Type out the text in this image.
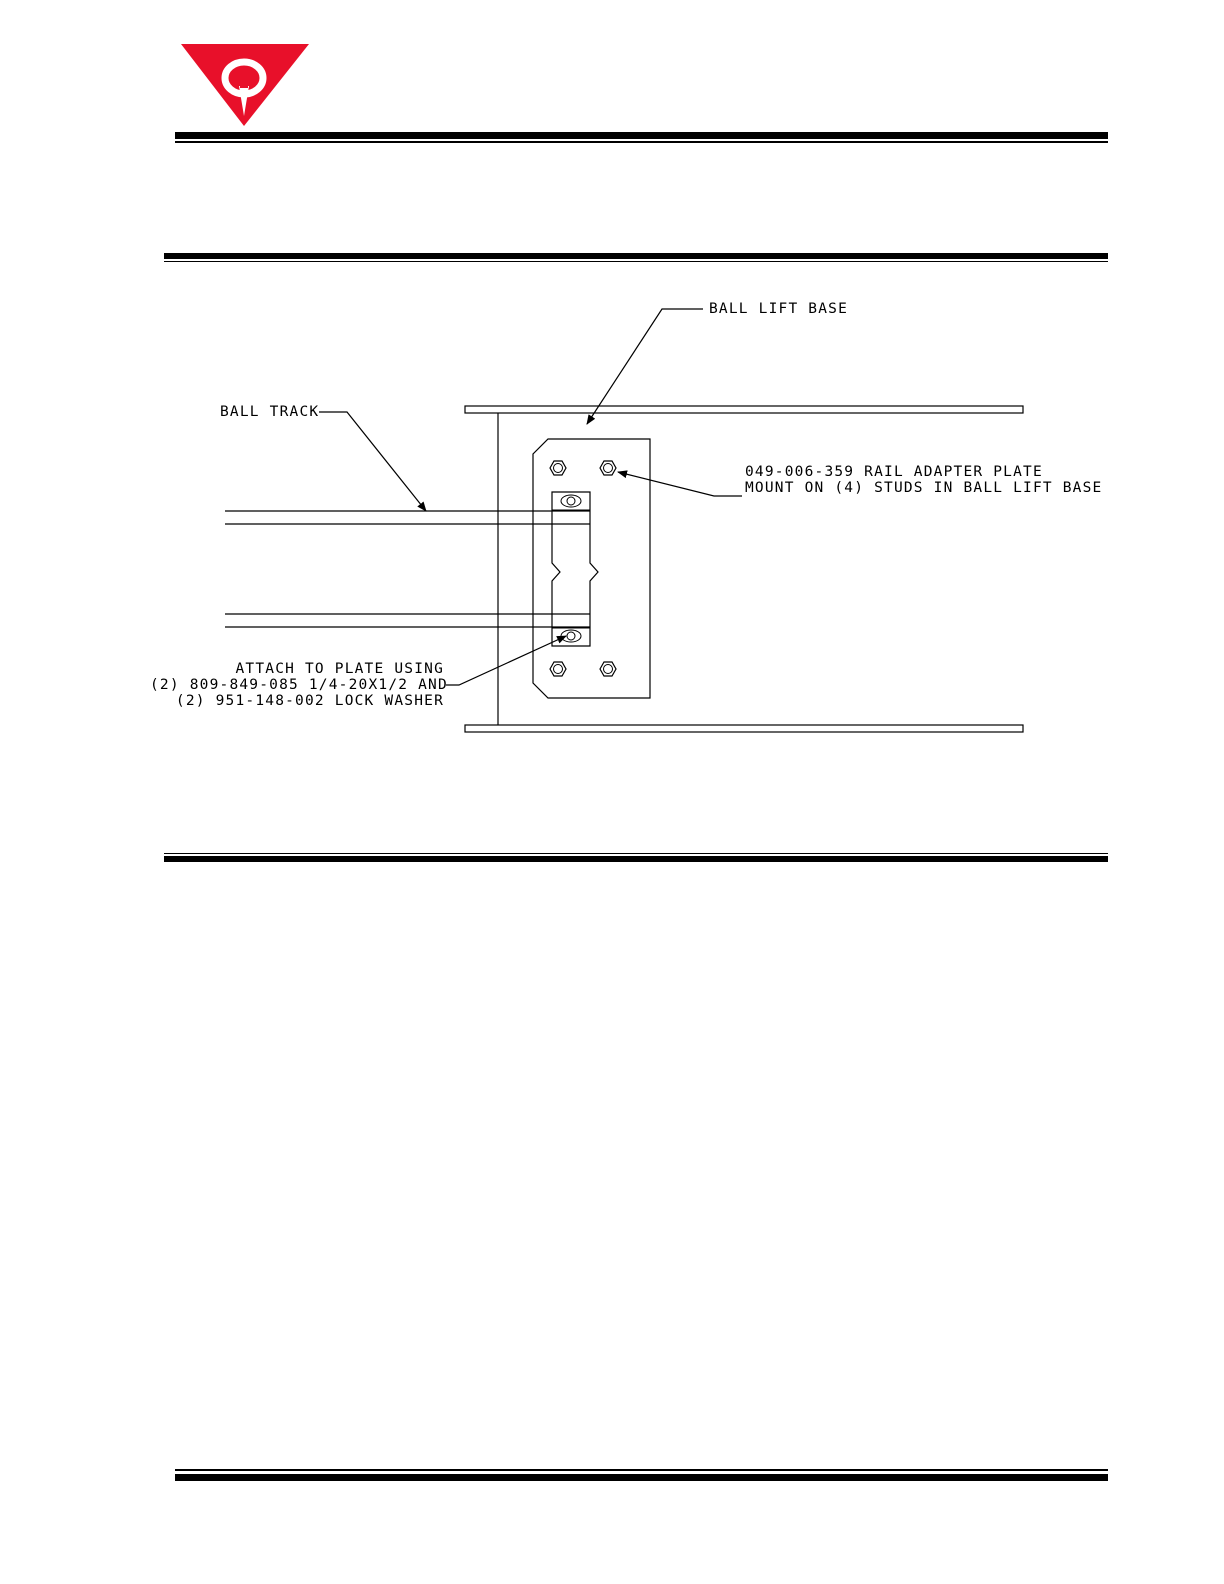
BALL LIFT BASE
BALL TRACK
049-006-359 RAIL ADAPTER PLATE
MOUNT ON (4) STUDS IN BALL LIFT BASE
ATTACH TO PLATE USING
(2) 809-849-085 1/4-20X1/2 AND
(2) 951-148-002 LOCK WASHER
